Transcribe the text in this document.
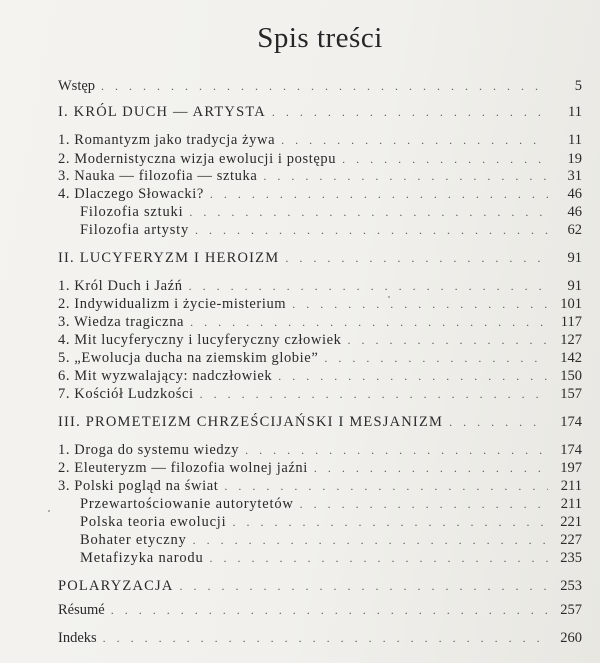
Spis treści
Wstęp . . .	5
I. KRÓL DUCH — ARTYSTA . . .	11
1. Romantyzm jako tradycja żywa . . .	11
2. Modernistyczna wizja ewolucji i postępu . . .	19
3. Nauka — filozofia — sztuka . . .	31
4. Dlaczego Słowacki? . . .	46
Filozofia sztuki . . .	46
Filozofia artysty . . .	62
II. LUCYFERYZM I HEROIZM . . .	91
1. Król Duch i Jaźń . . .	91
2. Indywidualizm i życie-misterium . . .	101
3. Wiedza tragiczna . . .	117
4. Mit lucyferyczny i lucyferyczny człowiek . . .	127
5. „Ewolucja ducha na ziemskim globie” . . .	142
6. Mit wyzwalający: nadczłowiek . . .	150
7. Kościół Ludzkości . . .	157
III. PROMETEIZM CHRZEŚCIJAŃSKI I MESJANIZM . . .	174
1. Droga do systemu wiedzy . . .	174
2. Eleuteryzm — filozofia wolnej jaźni . . .	197
3. Polski pogląd na świat . . .	211
Przewartościowanie autorytetów . . .	211
Polska teoria ewolucji . . .	221
Bohater etyczny . . .	227
Metafizyka narodu . . .	235
POLARYZACJA . . .	253
Résumé . . .	257
Indeks . . .	260
